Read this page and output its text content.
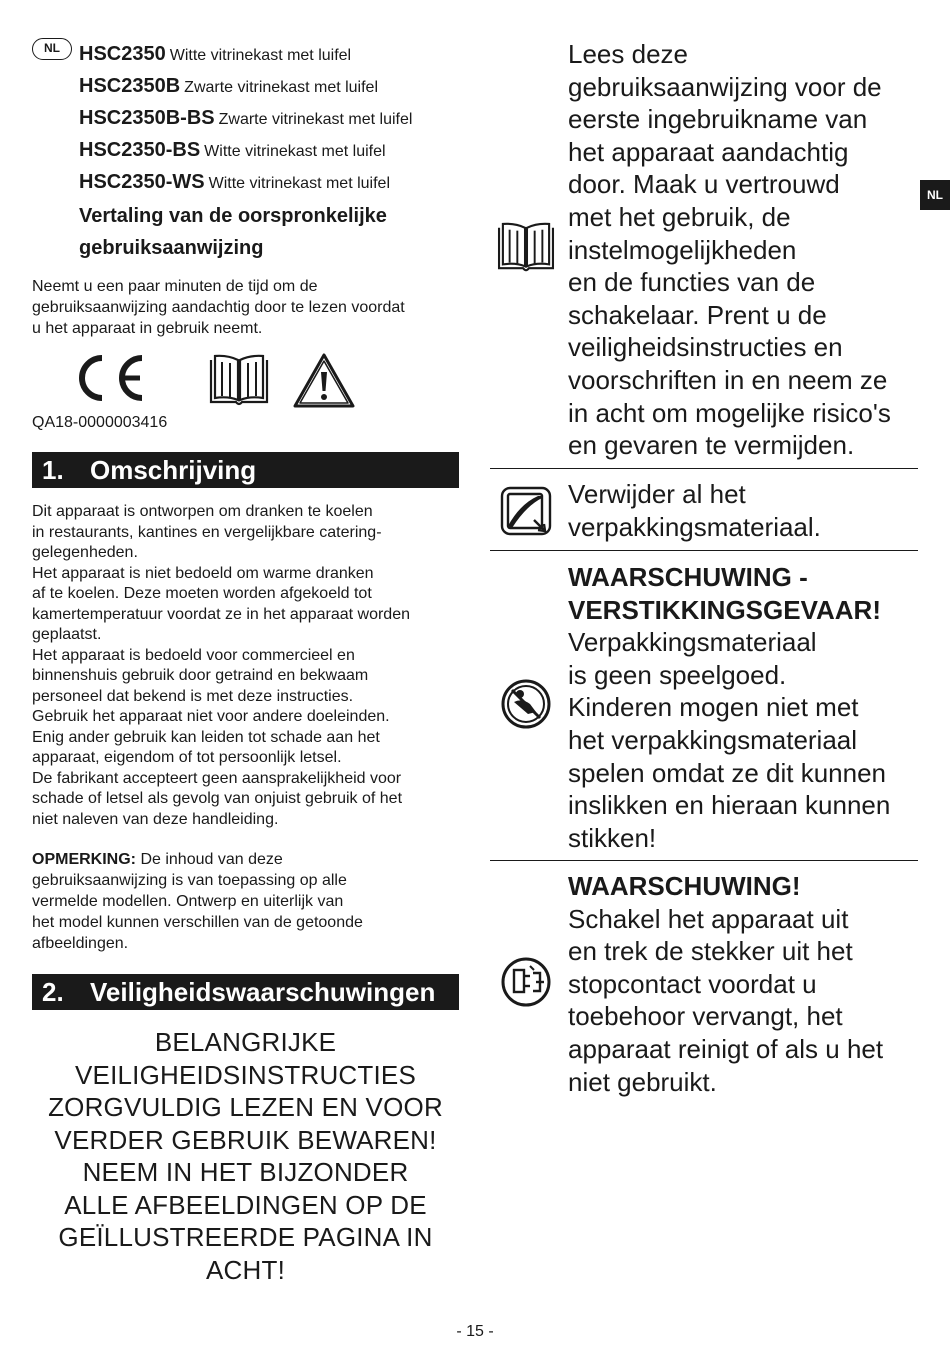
NL HSC2350 Witte vitrinekast met luifel
HSC2350B Zwarte vitrinekast met luifel
HSC2350B-BS Zwarte vitrinekast met luifel
HSC2350-BS Witte vitrinekast met luifel
HSC2350-WS Witte vitrinekast met luifel
Vertaling van de oorspronkelijke
gebruiksaanwijzing
Neemt u een paar minuten de tijd om de
gebruiksaanwijzing aandachtig door te lezen voordat
u het apparaat in gebruik neemt.
QA18-0000003416
1. Omschrijving
Dit apparaat is ontworpen om dranken te koelen
in restaurants, kantines en vergelijkbare catering-
gelegenheden.
Het apparaat is niet bedoeld om warme dranken
af te koelen. Deze moeten worden afgekoeld tot
kamertemperatuur voordat ze in het apparaat worden
geplaatst.
Het apparaat is bedoeld voor commercieel en
binnenshuis gebruik door getraind en bekwaam
personeel dat bekend is met deze instructies.
Gebruik het apparaat niet voor andere doeleinden.
Enig ander gebruik kan leiden tot schade aan het
apparaat, eigendom of tot persoonlijk letsel.
De fabrikant accepteert geen aansprakelijkheid voor
schade of letsel als gevolg van onjuist gebruik of het
niet naleven van deze handleiding.
OPMERKING: De inhoud van deze
gebruiksaanwijzing is van toepassing op alle
vermelde modellen. Ontwerp en uiterlijk van
het model kunnen verschillen van de getoonde
afbeeldingen.
2. Veiligheidswaarschuwingen
BELANGRIJKE
VEILIGHEIDSINSTRUCTIES
ZORGVULDIG LEZEN EN VOOR
VERDER GEBRUIK BEWAREN!
NEEM IN HET BIJZONDER
ALLE AFBEELDINGEN OP DE
GEÏLLUSTREERDE PAGINA IN
ACHT!
NL
Lees deze
gebruiksaanwijzing voor de
eerste ingebruikname van
het apparaat aandachtig
door. Maak u vertrouwd
met het gebruik, de
instelmogelijkheden
en de functies van de
schakelaar. Prent u de
veiligheidsinstructies en
voorschriften in en neem ze
in acht om mogelijke risico's
en gevaren te vermijden.
Verwijder al het
verpakkingsmateriaal.
WAARSCHUWING -
VERSTIKKINGSGEVAAR!
Verpakkingsmateriaal
is geen speelgoed.
Kinderen mogen niet met
het verpakkingsmateriaal
spelen omdat ze dit kunnen
inslikken en hieraan kunnen
stikken!
WAARSCHUWING!
Schakel het apparaat uit
en trek de stekker uit het
stopcontact voordat u
toebehoor vervangt, het
apparaat reinigt of als u het
niet gebruikt.
- 15 -
